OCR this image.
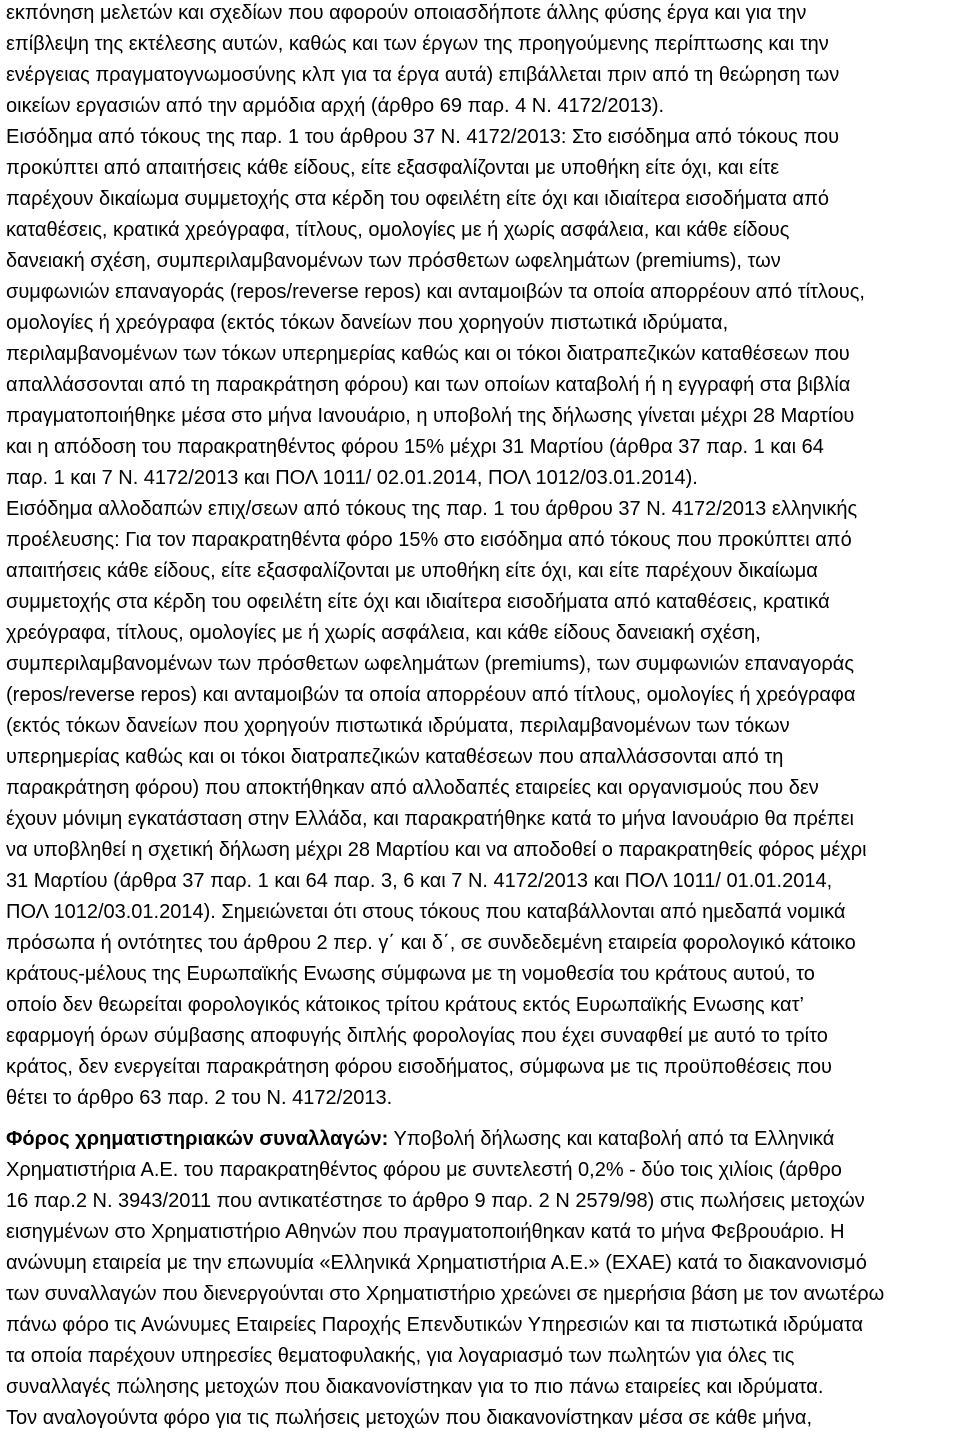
εκπόνηση μελετών και σχεδίων που αφορούν οποιασδήποτε άλλης φύσης έργα και για την
επίβλεψη της εκτέλεσης αυτών, καθώς και των έργων της προηγούμενης περίπτωσης και την
ενέργειας πραγματογνωμοσύνης κλπ για τα έργα αυτά) επιβάλλεται πριν από τη θεώρηση των
οικείων εργασιών από την αρμόδια αρχή (άρθρο 69 παρ. 4 Ν. 4172/2013).
Εισόδημα από τόκους της παρ. 1 του άρθρου 37 Ν. 4172/2013: Στο εισόδημα από τόκους που
προκύπτει από απαιτήσεις κάθε είδους, είτε εξασφαλίζονται με υποθήκη είτε όχι, και είτε
παρέχουν δικαίωμα συμμετοχής στα κέρδη του οφειλέτη είτε όχι και ιδιαίτερα εισοδήματα από
καταθέσεις, κρατικά χρεόγραφα, τίτλους, ομολογίες με ή χωρίς ασφάλεια, και κάθε είδους
δανειακή σχέση, συμπεριλαμβανομένων των πρόσθετων ωφελημάτων (premiums), των
συμφωνιών επαναγοράς (repos/reverse repos) και ανταμοιβών τα οποία απορρέουν από τίτλους,
ομολογίες ή χρεόγραφα (εκτός τόκων δανείων που χορηγούν πιστωτικά ιδρύματα,
περιλαμβανομένων των τόκων υπερημερίας καθώς και οι τόκοι διατραπεζικών καταθέσεων που
απαλλάσσονται από τη παρακράτηση φόρου) και των οποίων καταβολή ή η εγγραφή στα βιβλία
πραγματοποιήθηκε μέσα στο μήνα Ιανουάριο, η υποβολή της δήλωσης γίνεται μέχρι 28 Μαρτίου
και η απόδοση του παρακρατηθέντος φόρου 15% μέχρι 31 Μαρτίου (άρθρα 37 παρ. 1 και 64
παρ. 1 και 7 Ν. 4172/2013 και ΠΟΛ 1011/ 02.01.2014, ΠΟΛ 1012/03.01.2014).
Εισόδημα αλλοδαπών επιχ/σεων από τόκους της παρ. 1 του άρθρου 37 Ν. 4172/2013 ελληνικής
προέλευσης: Για τον παρακρατηθέντα φόρο 15% στο εισόδημα από τόκους που προκύπτει από
απαιτήσεις κάθε είδους, είτε εξασφαλίζονται με υποθήκη είτε όχι, και είτε παρέχουν δικαίωμα
συμμετοχής στα κέρδη του οφειλέτη είτε όχι και ιδιαίτερα εισοδήματα από καταθέσεις, κρατικά
χρεόγραφα, τίτλους, ομολογίες με ή χωρίς ασφάλεια, και κάθε είδους δανειακή σχέση,
συμπεριλαμβανομένων των πρόσθετων ωφελημάτων (premiums), των συμφωνιών επαναγοράς
(repos/reverse repos) και ανταμοιβών τα οποία απορρέουν από τίτλους, ομολογίες ή χρεόγραφα
(εκτός τόκων δανείων που χορηγούν πιστωτικά ιδρύματα, περιλαμβανομένων των τόκων
υπερημερίας καθώς και οι τόκοι διατραπεζικών καταθέσεων που απαλλάσσονται από τη
παρακράτηση φόρου) που αποκτήθηκαν από αλλοδαπές εταιρείες και οργανισμούς που δεν
έχουν μόνιμη εγκατάσταση στην Ελλάδα, και παρακρατήθηκε κατά το μήνα Ιανουάριο θα πρέπει
να υποβληθεί η σχετική δήλωση μέχρι 28 Μαρτίου και να αποδοθεί ο παρακρατηθείς φόρος μέχρι
31 Μαρτίου (άρθρα 37 παρ. 1 και 64 παρ. 3, 6 και 7 Ν. 4172/2013 και ΠΟΛ 1011/ 01.01.2014,
ΠΟΛ 1012/03.01.2014). Σημειώνεται ότι στους τόκους που καταβάλλονται από ημεδαπά νομικά
πρόσωπα ή οντότητες του άρθρου 2 περ. γ΄ και δ΄, σε συνδεδεμένη εταιρεία φορολογικό κάτοικο
κράτους-μέλους της Ευρωπαϊκής Ενωσης σύμφωνα με τη νομοθεσία του κράτους αυτού, το
οποίο δεν θεωρείται φορολογικός κάτοικος τρίτου κράτους εκτός Ευρωπαϊκής Ενωσης κατ’
εφαρμογή όρων σύμβασης αποφυγής διπλής φορολογίας που έχει συναφθεί με αυτό το τρίτο
κράτος, δεν ενεργείται παρακράτηση φόρου εισοδήματος, σύμφωνα με τις προϋποθέσεις που
θέτει το άρθρο 63 παρ. 2 του Ν. 4172/2013.
Φόρος χρηματιστηριακών συναλλαγών: Υποβολή δήλωσης και καταβολή από τα Ελληνικά
Χρηματιστήρια Α.Ε. του παρακρατηθέντος φόρου με συντελεστή 0,2% - δύο τοις χιλίοις (άρθρο
16 παρ.2 Ν. 3943/2011 που αντικατέστησε το άρθρο 9 παρ. 2 Ν 2579/98) στις πωλήσεις μετοχών
εισηγμένων στο Χρηματιστήριο Αθηνών που πραγματοποιήθηκαν κατά το μήνα Φεβρουάριο. Η
ανώνυμη εταιρεία με την επωνυμία «Ελληνικά Χρηματιστήρια Α.Ε.» (ΕΧΑΕ) κατά το διακανονισμό
των συναλλαγών που διενεργούνται στο Χρηματιστήριο χρεώνει σε ημερήσια βάση με τον ανωτέρω
πάνω φόρο τις Ανώνυμες Εταιρείες Παροχής Επενδυτικών Υπηρεσιών και τα πιστωτικά ιδρύματα
τα οποία παρέχουν υπηρεσίες θεματοφυλακής, για λογαριασμό των πωλητών για όλες τις
συναλλαγές πώλησης μετοχών που διακανονίστηκαν για το πιο πάνω εταιρείες και ιδρύματα.
Τον αναλογούντα φόρο για τις πωλήσεις μετοχών που διακανονίστηκαν μέσα σε κάθε μήνα,
